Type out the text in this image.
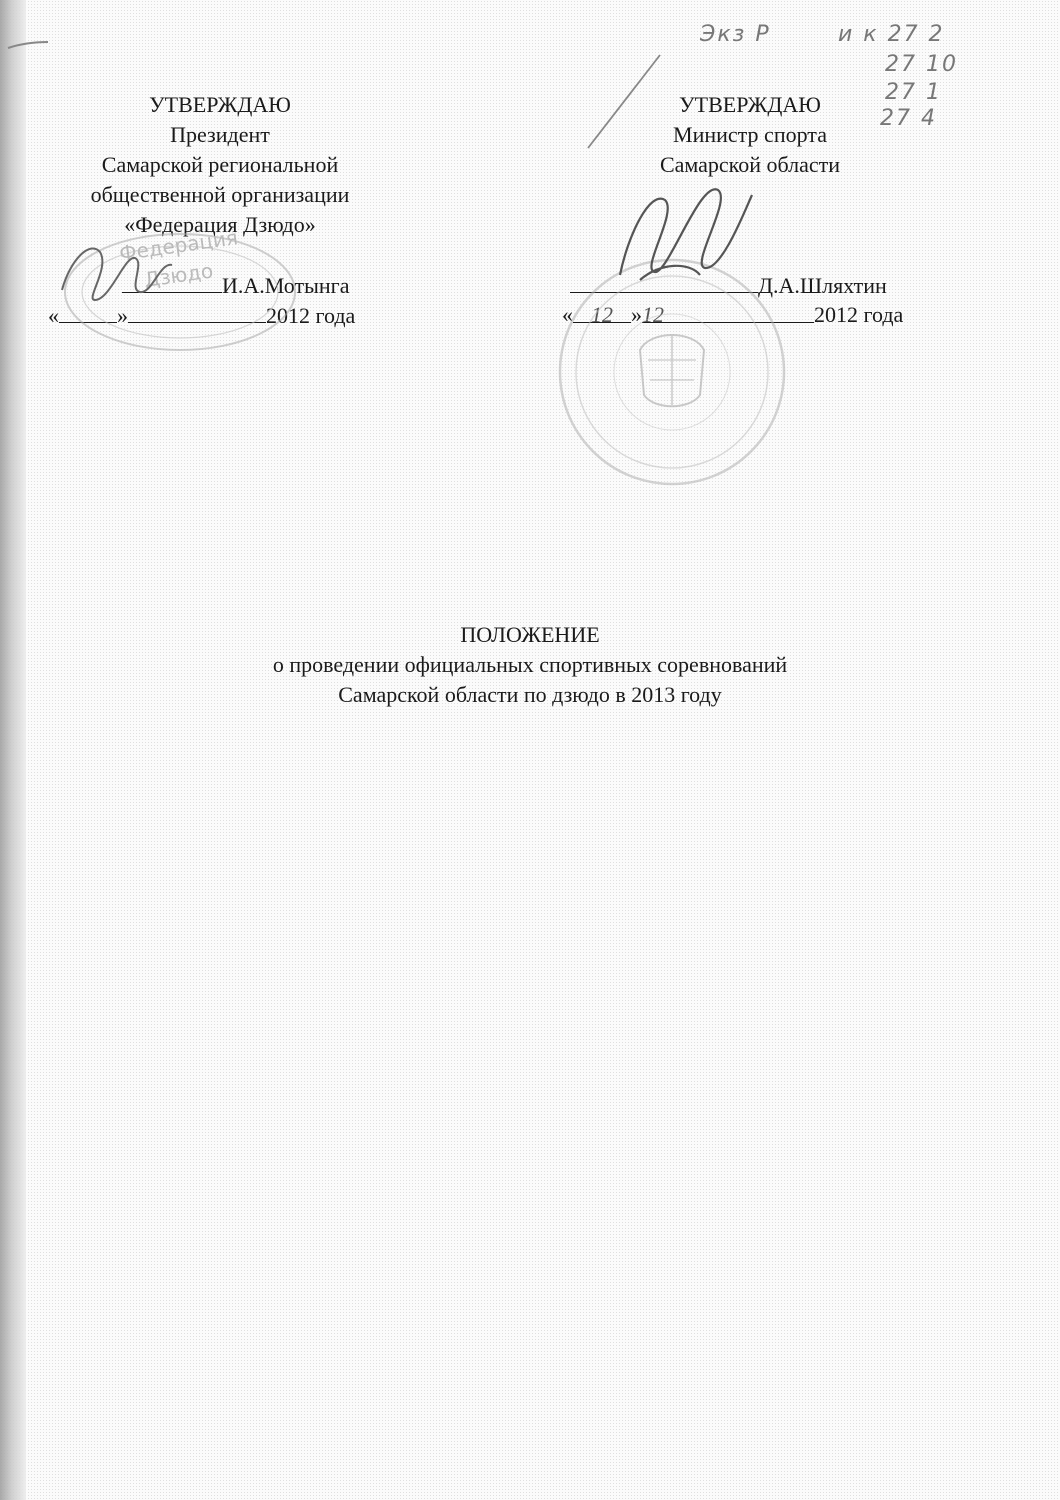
Экз Р	и к 27 2
27 10
27 1
27 4
УТВЕРЖДАЮ
Президент
Самарской региональной
общественной организации
«Федерация Дзюдо»
И.А.Мотынга
«	»	2012 года
УТВЕРЖДАЮ
Министр спорта
Самарской области
Д.А.Шляхтин
« 12 »12	2012 года
ПОЛОЖЕНИЕ
о проведении официальных спортивных соревнований
Самарской области по дзюдо в 2013 году
Федерация
Дзюдо
